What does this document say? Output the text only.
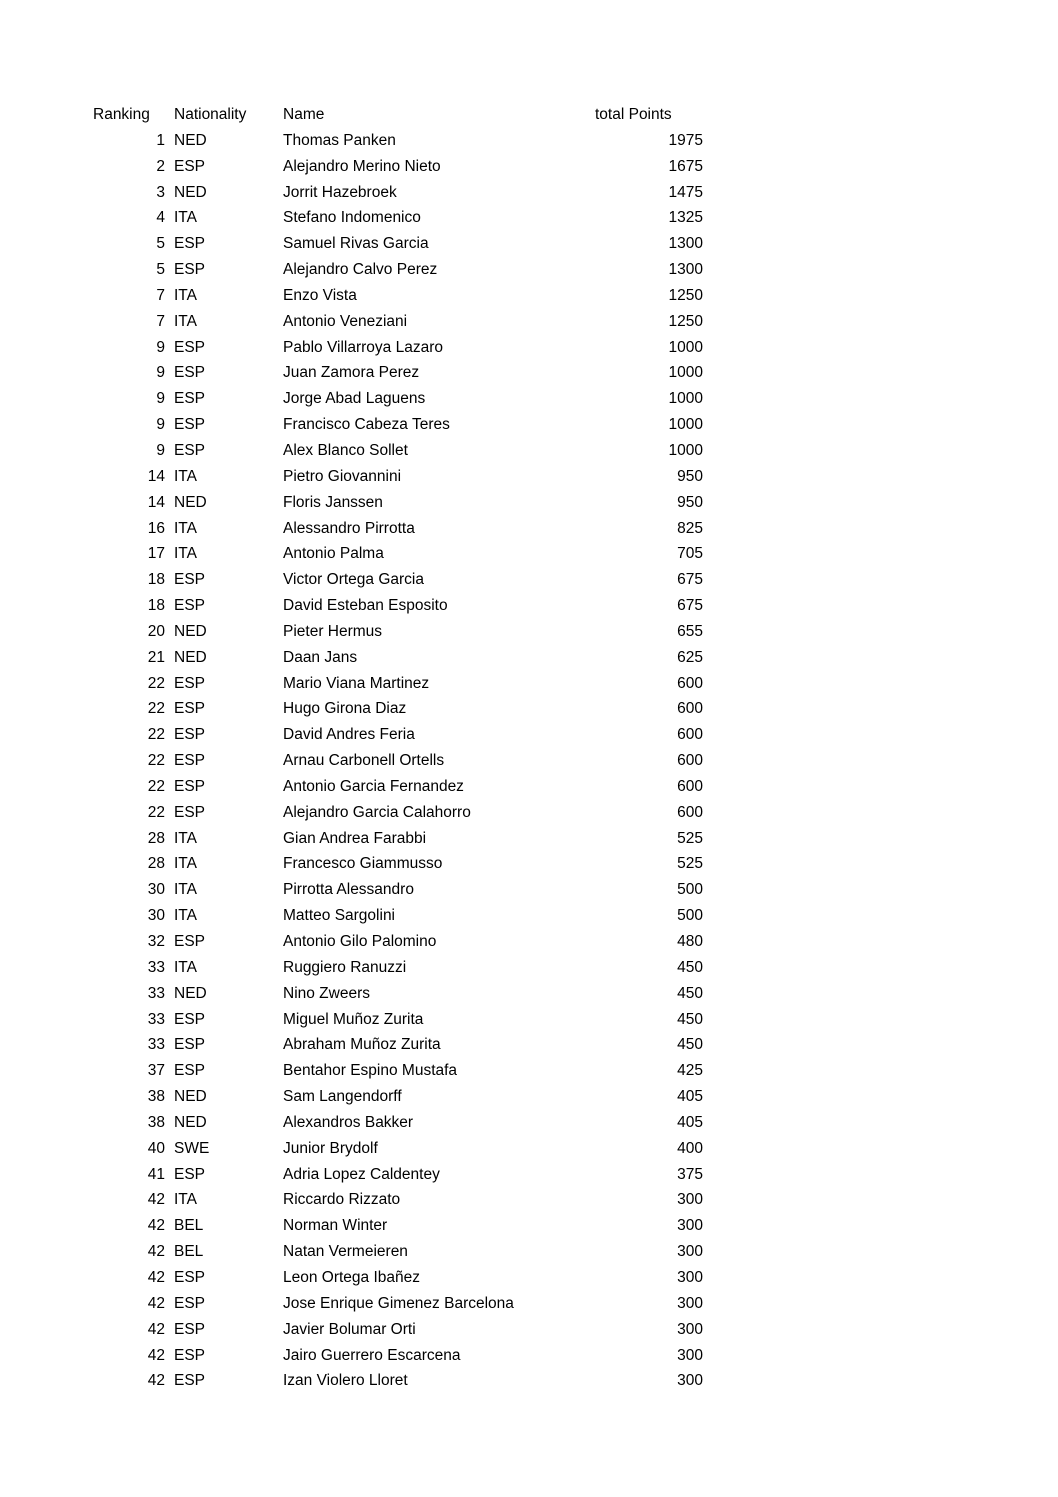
Ranking	Nationality	Name	total Points
1 NED	Thomas Panken	1975
2 ESP	Alejandro Merino Nieto	1675
3 NED	Jorrit Hazebroek	1475
4 ITA	Stefano Indomenico	1325
5 ESP	Samuel Rivas Garcia	1300
5 ESP	Alejandro Calvo Perez	1300
7 ITA	Enzo Vista	1250
7 ITA	Antonio Veneziani	1250
9 ESP	Pablo Villarroya Lazaro	1000
9 ESP	Juan Zamora Perez	1000
9 ESP	Jorge Abad Laguens	1000
9 ESP	Francisco Cabeza Teres	1000
9 ESP	Alex Blanco Sollet	1000
14 ITA	Pietro Giovannini	950
14 NED	Floris Janssen	950
16 ITA	Alessandro Pirrotta	825
17 ITA	Antonio Palma	705
18 ESP	Victor Ortega Garcia	675
18 ESP	David Esteban Esposito	675
20 NED	Pieter Hermus	655
21 NED	Daan Jans	625
22 ESP	Mario Viana Martinez	600
22 ESP	Hugo Girona Diaz	600
22 ESP	David Andres Feria	600
22 ESP	Arnau Carbonell Ortells	600
22 ESP	Antonio Garcia Fernandez	600
22 ESP	Alejandro Garcia Calahorro	600
28 ITA	Gian Andrea Farabbi	525
28 ITA	Francesco Giammusso	525
30 ITA	Pirrotta Alessandro	500
30 ITA	Matteo Sargolini	500
32 ESP	Antonio Gilo Palomino	480
33 ITA	Ruggiero Ranuzzi	450
33 NED	Nino Zweers	450
33 ESP	Miguel Muñoz Zurita	450
33 ESP	Abraham Muñoz Zurita	450
37 ESP	Bentahor Espino Mustafa	425
38 NED	Sam Langendorff	405
38 NED	Alexandros Bakker	405
40 SWE	Junior Brydolf	400
41 ESP	Adria Lopez Caldentey	375
42 ITA	Riccardo Rizzato	300
42 BEL	Norman Winter	300
42 BEL	Natan Vermeieren	300
42 ESP	Leon Ortega Ibañez	300
42 ESP	Jose Enrique Gimenez Barcelona	300
42 ESP	Javier Bolumar Orti	300
42 ESP	Jairo Guerrero Escarcena	300
42 ESP	Izan Violero Lloret	300
